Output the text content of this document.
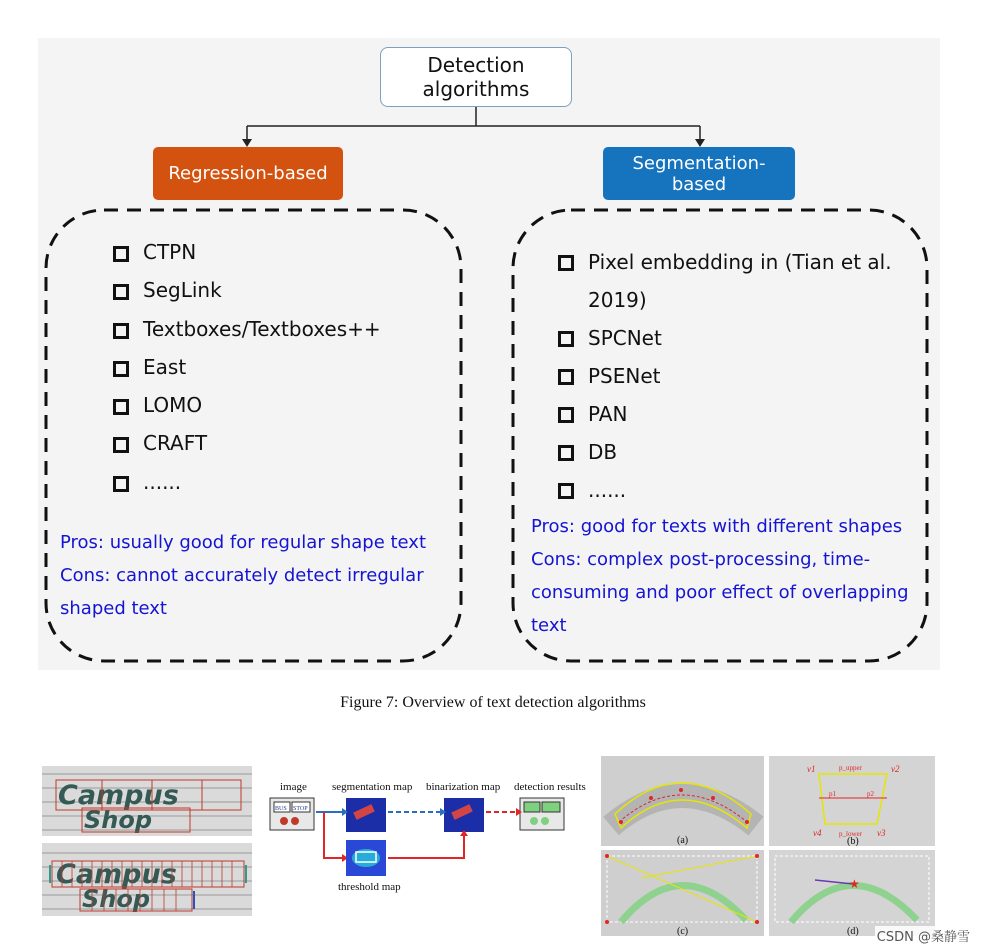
Detection algorithms
Regression-based	Segmentation-based
CTPN
SegLink
Textboxes/Textboxes++
East
LOMO
CRAFT
......
Pixel embedding in (Tian et al. 2019)
SPCNet
PSENet
PAN
DB
......
Pros: usually good for regular shape text
Cons: cannot accurately detect irregular shaped text
Pros: good for texts with different shapes
Cons: complex post-processing, time-consuming and poor effect of overlapping text
Figure 7: Overview of text detection algorithms
Campus
Shop
Campus
Shop
image segmentation map binarization map detection results
BUS STOP
threshold map
(a)
v1	v2
v3
v4
p_upper
p_lower
p1	p2
(b)
(c)
★
(d) CSDN @桑静雪
